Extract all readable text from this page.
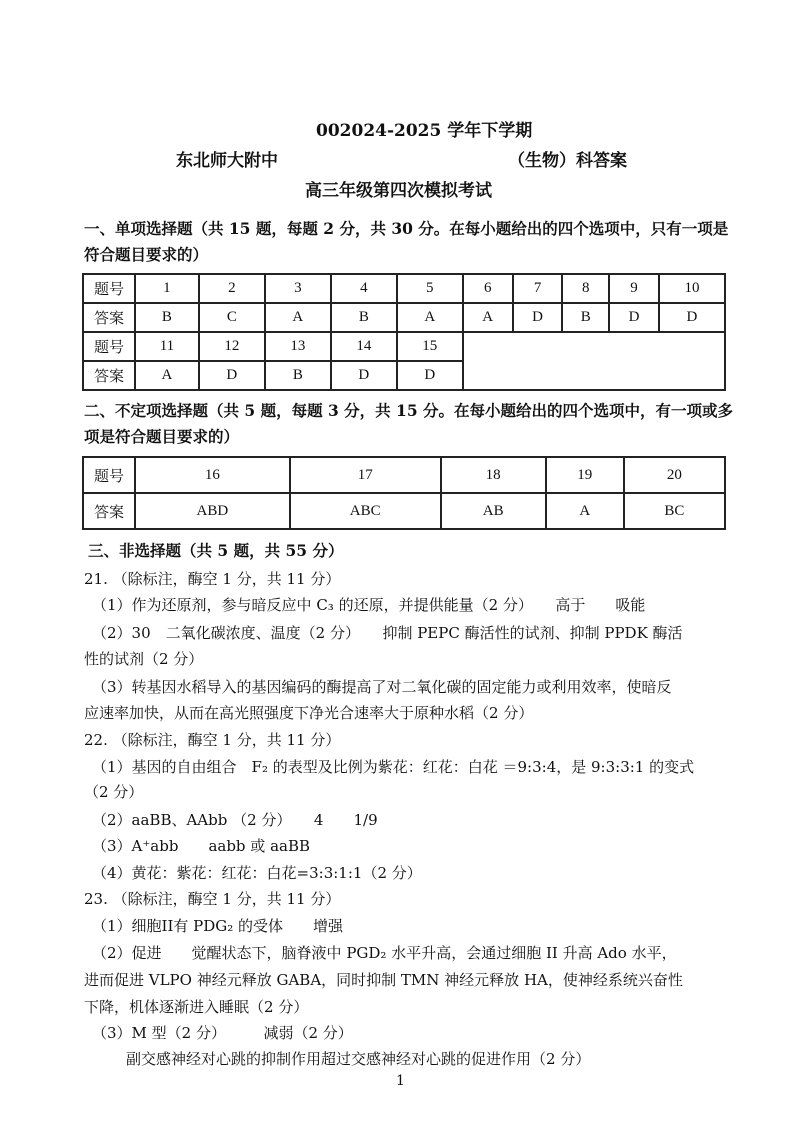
002024-2025 学年下学期
东北师大附中	（生物）科答案
高三年级第四次模拟考试
一、单项选择题（共 15 题，每题 2 分，共 30 分。在每小题给出的四个选项中，只有一项是符合题目要求的）
题号	1	2	3	4	5	6	7	8	9	10
答案	B	C	A	B	A	A	D	B	D	D
题号	11	12	13	14	15					
答案	A	D	B	D	D					
二、不定项选择题（共 5 题，每题 3 分，共 15 分。在每小题给出的四个选项中，有一项或多项是符合题目要求的）
题号	16	17	18	19	20
答案	ABD	ABC	AB	A	BC
三、非选择题（共 5 题，共 55 分）
21. （除标注，酶空 1 分，共 11 分）
（1）作为还原剂，参与暗反应中 C₃ 的还原，并提供能量（2 分）　　高于　　吸能
（2）30　二氧化碳浓度、温度（2 分）　　抑制 PEPC 酶活性的试剂、抑制 PPDK 酶活
性的试剂（2 分）
（3）转基因水稻导入的基因编码的酶提高了对二氧化碳的固定能力或利用效率，使暗反
应速率加快，从而在高光照强度下净光合速率大于原种水稻（2 分）
22. （除标注，酶空 1 分，共 11 分）
（1）基因的自由组合　F₂ 的表型及比例为紫花：红花：白花 ＝9:3:4，是 9:3:3:1 的变式
（2 分）
（2）aaBB、AAbb （2 分）　　4　　1/9
（3）A⁺abb　　aabb 或 aaBB
（4）黄花：紫花：红花：白花=3:3:1:1（2 分）
23. （除标注，酶空 1 分，共 11 分）
（1）细胞II有 PDG₂ 的受体　　增强
（2）促进　　觉醒状态下，脑脊液中 PGD₂ 水平升高，会通过细胞 II 升高 Ado 水平，
进而促进 VLPO 神经元释放 GABA，同时抑制 TMN 神经元释放 HA，使神经系统兴奋性
下降，机体逐渐进入睡眠（2 分）
（3）M 型（2 分）　　　减弱（2 分）
副交感神经对心跳的抑制作用超过交感神经对心跳的促进作用（2 分）
1
